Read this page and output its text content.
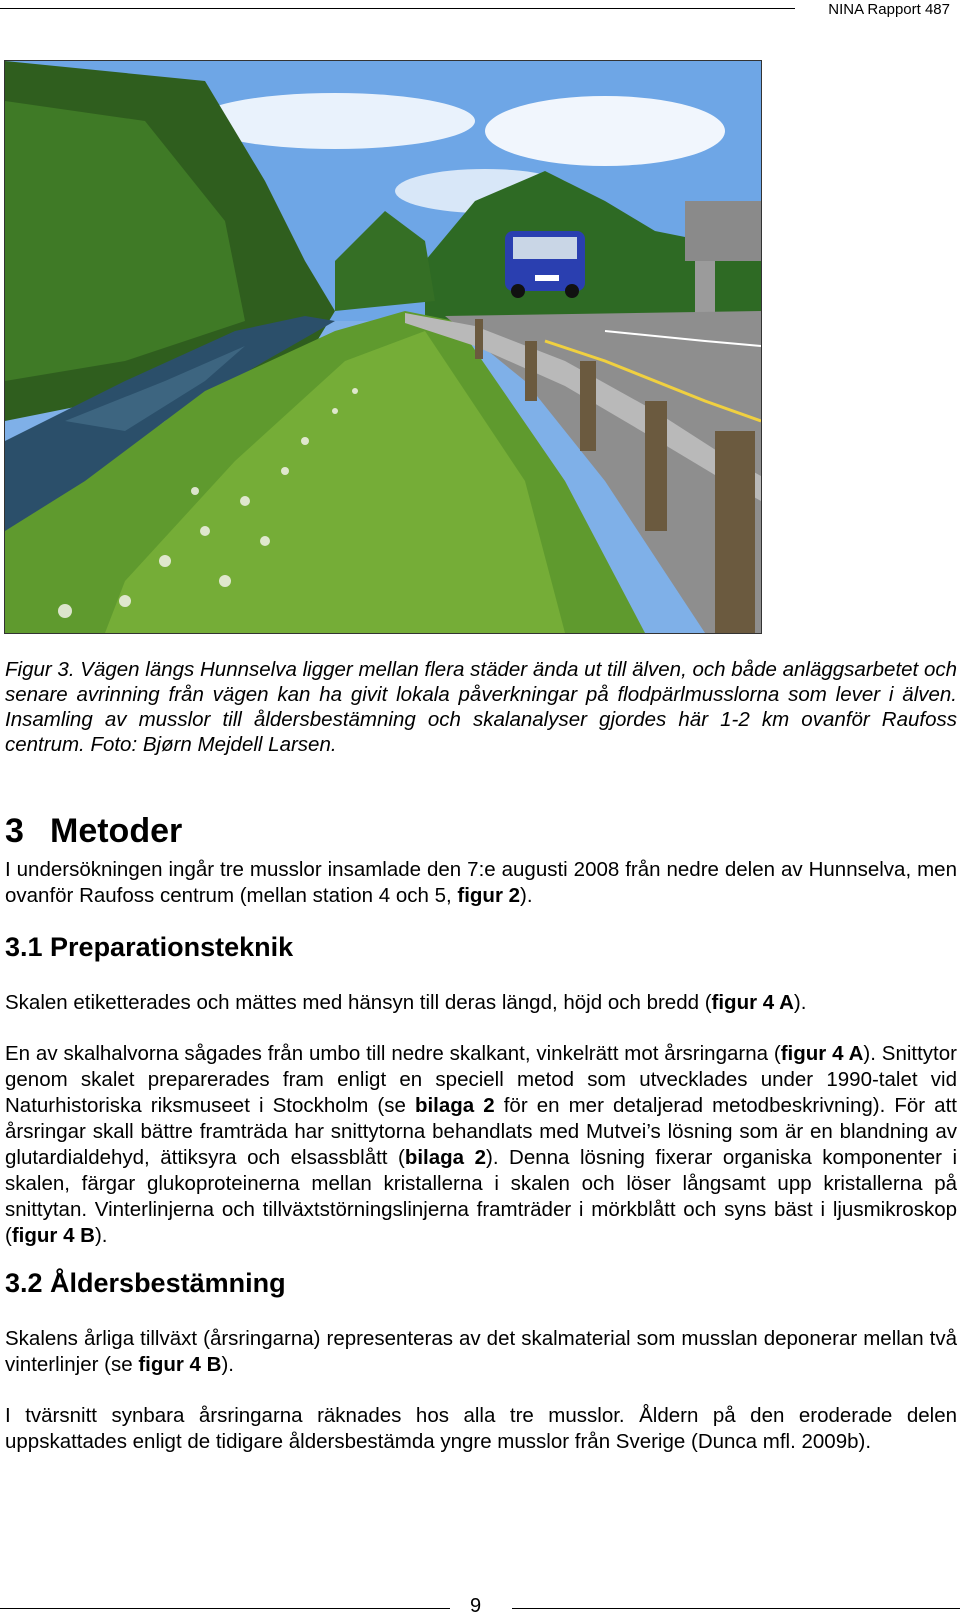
NINA Rapport 487
Figur 3. Vägen längs Hunnselva ligger mellan flera städer ända ut till älven, och både anläggsarbetet och senare avrinning från vägen kan ha givit lokala påverkningar på flodpärlmusslorna som lever i älven. Insamling av musslor till åldersbestämning och skalanalyser gjordes här 1-2 km ovanför Raufoss centrum. Foto: Bjørn Mejdell Larsen.
3 Metoder
I undersökningen ingår tre musslor insamlade den 7:e augusti 2008 från nedre delen av Hunnselva, men ovanför Raufoss centrum (mellan station 4 och 5, figur 2).
3.1 Preparationsteknik
Skalen etiketterades och mättes med hänsyn till deras längd, höjd och bredd (figur 4 A).
En av skalhalvorna sågades från umbo till nedre skalkant, vinkelrätt mot årsringarna (figur 4 A). Snittytor genom skalet preparerades fram enligt en speciell metod som utvecklades under 1990-talet vid Naturhistoriska riksmuseet i Stockholm (se bilaga 2 för en mer detaljerad metodbeskrivning). För att årsringar skall bättre framträda har snittytorna behandlats med Mutvei’s lösning som är en blandning av glutardialdehyd, ättiksyra och elsassblått (bilaga 2). Denna lösning fixerar organiska komponenter i skalen, färgar glukoproteinerna mellan kristallerna i skalen och löser långsamt upp kristallerna på snittytan. Vinterlinjerna och tillväxtstörningslinjerna framträder i mörkblått och syns bäst i ljusmikroskop (figur 4 B).
3.2 Åldersbestämning
Skalens årliga tillväxt (årsringarna) representeras av det skalmaterial som musslan deponerar mellan två vinterlinjer (se figur 4 B).
I tvärsnitt synbara årsringarna räknades hos alla tre musslor. Åldern på den eroderade delen uppskattades enligt de tidigare åldersbestämda yngre musslor från Sverige (Dunca mfl. 2009b).
9
